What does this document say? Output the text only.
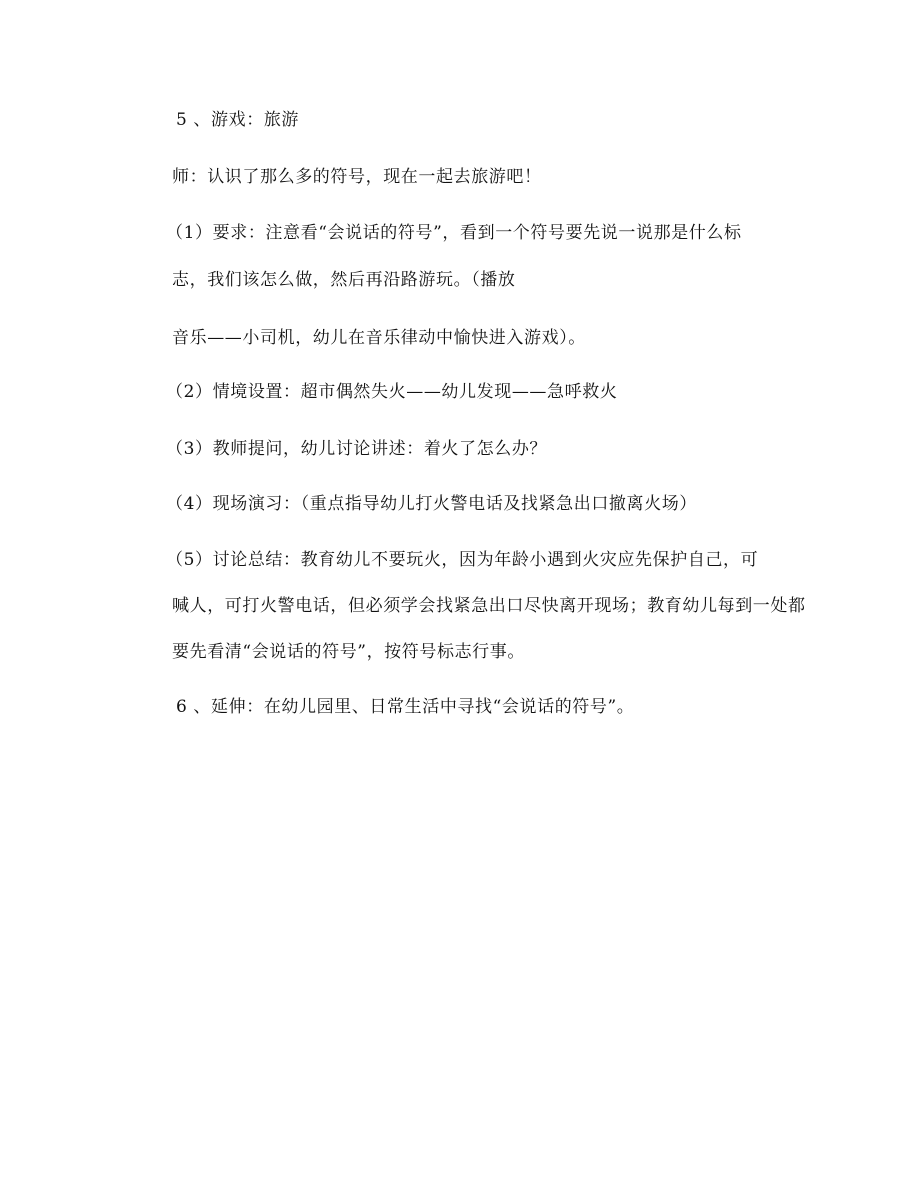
5 、游戏：旅游
师：认识了那么多的符号，现在一起去旅游吧！
（1）要求：注意看“会说话的符号”，看到一个符号要先说一说那是什么标
志，我们该怎么做，然后再沿路游玩。（播放
音乐——小司机，幼儿在音乐律动中愉快进入游戏）。
（2）情境设置：超市偶然失火——幼儿发现——急呼救火
（3）教师提问，幼儿讨论讲述：着火了怎么办？
（4）现场演习：（重点指导幼儿打火警电话及找紧急出口撤离火场）
（5）讨论总结：教育幼儿不要玩火，因为年龄小遇到火灾应先保护自己，可
喊人，可打火警电话，但必须学会找紧急出口尽快离开现场；教育幼儿每到一处都
要先看清“会说话的符号”，按符号标志行事。
6 、延伸：在幼儿园里、日常生活中寻找“会说话的符号”。
